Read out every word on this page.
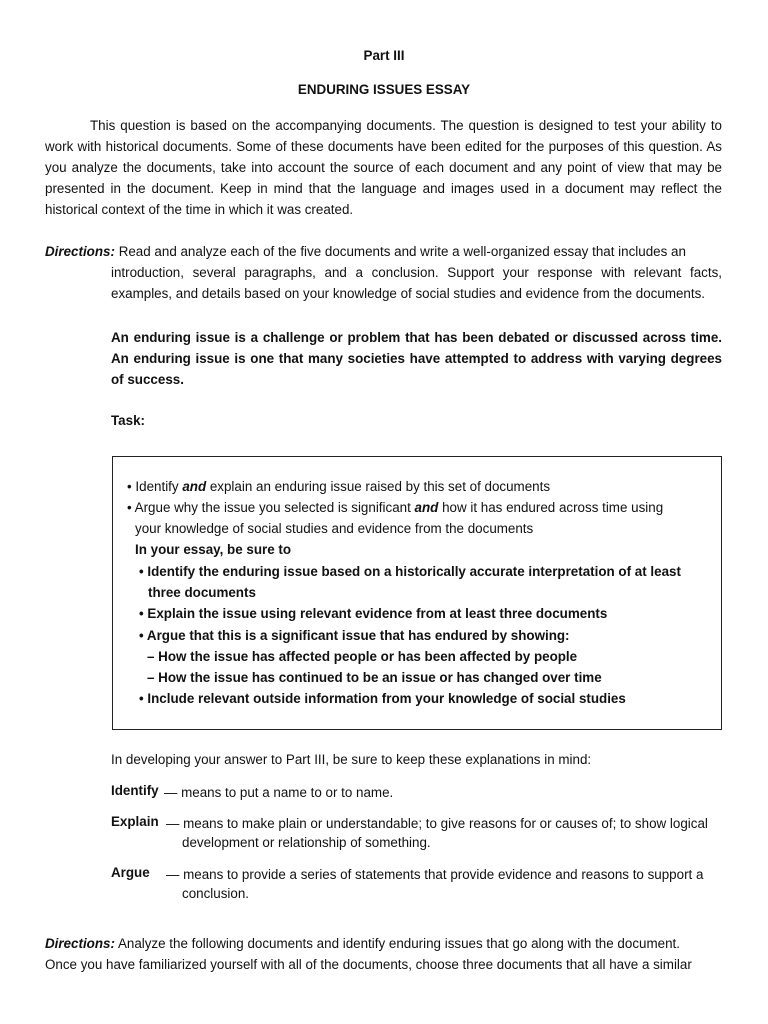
Part III
ENDURING ISSUES ESSAY

This question is based on the accompanying documents. The question is designed to test your ability to work with historical documents. Some of these documents have been edited for the purposes of this question. As you analyze the documents, take into account the source of each document and any point of view that may be presented in the document. Keep in mind that the language and images used in a document may reflect the historical context of the time in which it was created.

Directions: Read and analyze each of the five documents and write a well-organized essay that includes an

introduction, several paragraphs, and a conclusion. Support your response with relevant facts, examples, and details based on your knowledge of social studies and evidence from the documents.

An enduring issue is a challenge or problem that has been debated or discussed across time. An enduring issue is one that many societies have attempted to address with varying degrees of success.

Task:
• Identify and explain an enduring issue raised by this set of documents
• Argue why the issue you selected is significant and how it has endured across time using
your knowledge of social studies and evidence from the documents
In your essay, be sure to
• Identify the enduring issue based on a historically accurate interpretation of at least
three documents
• Explain the issue using relevant evidence from at least three documents
• Argue that this is a significant issue that has endured by showing:
– How the issue has affected people or has been affected by people
– How the issue has continued to be an issue or has changed over time
• Include relevant outside information from your knowledge of social studies
In developing your answer to Part III, be sure to keep these explanations in mind:
Identify — means to put a name to or to name.
Explain — means to make plain or understandable; to give reasons for or causes of; to show logical development or relationship of something.
Argue — means to provide a series of statements that provide evidence and reasons to support a conclusion.
Directions: Analyze the following documents and identify enduring issues that go along with the document.
Once you have familiarized yourself with all of the documents, choose three documents that all have a similar
